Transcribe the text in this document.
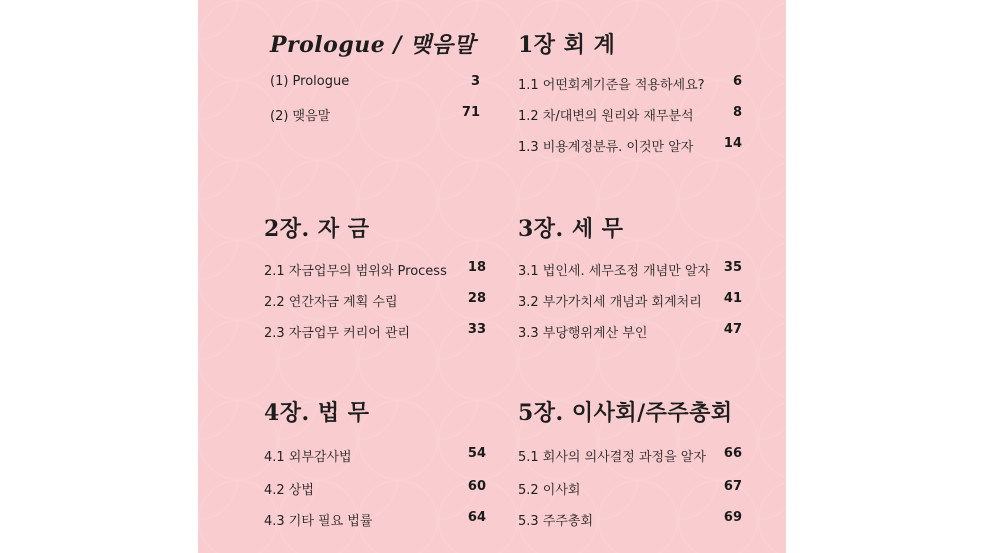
Prologue / 맺음말
(1) Prologue	3
(2) 맺음말	71
1장 회 계
1.1 어떤회계기준을 적용하세요? 6
1.2 차/대변의 원리와 재무분석	8
1.3 비용계정분류. 이것만 알자 14
2장. 자 금
2.1 자금업무의 범위와 Process 18
2.2 연간자금 계획 수립	28
2.3 자금업무 커리어 관리	33
3장. 세 무
3.1 법인세. 세무조정 개념만 알자 35
3.2 부가가치세 개념과 회계처리 41
3.3 부당행위계산 부인	47
4장. 법 무
4.1 외부감사법	54
4.2 상법	60
4.3 기타 필요 법률	64
5장. 이사회/주주총회
5.1 회사의 의사결정 과정을 알자 66
5.2 이사회	67
5.3 주주총회	69
